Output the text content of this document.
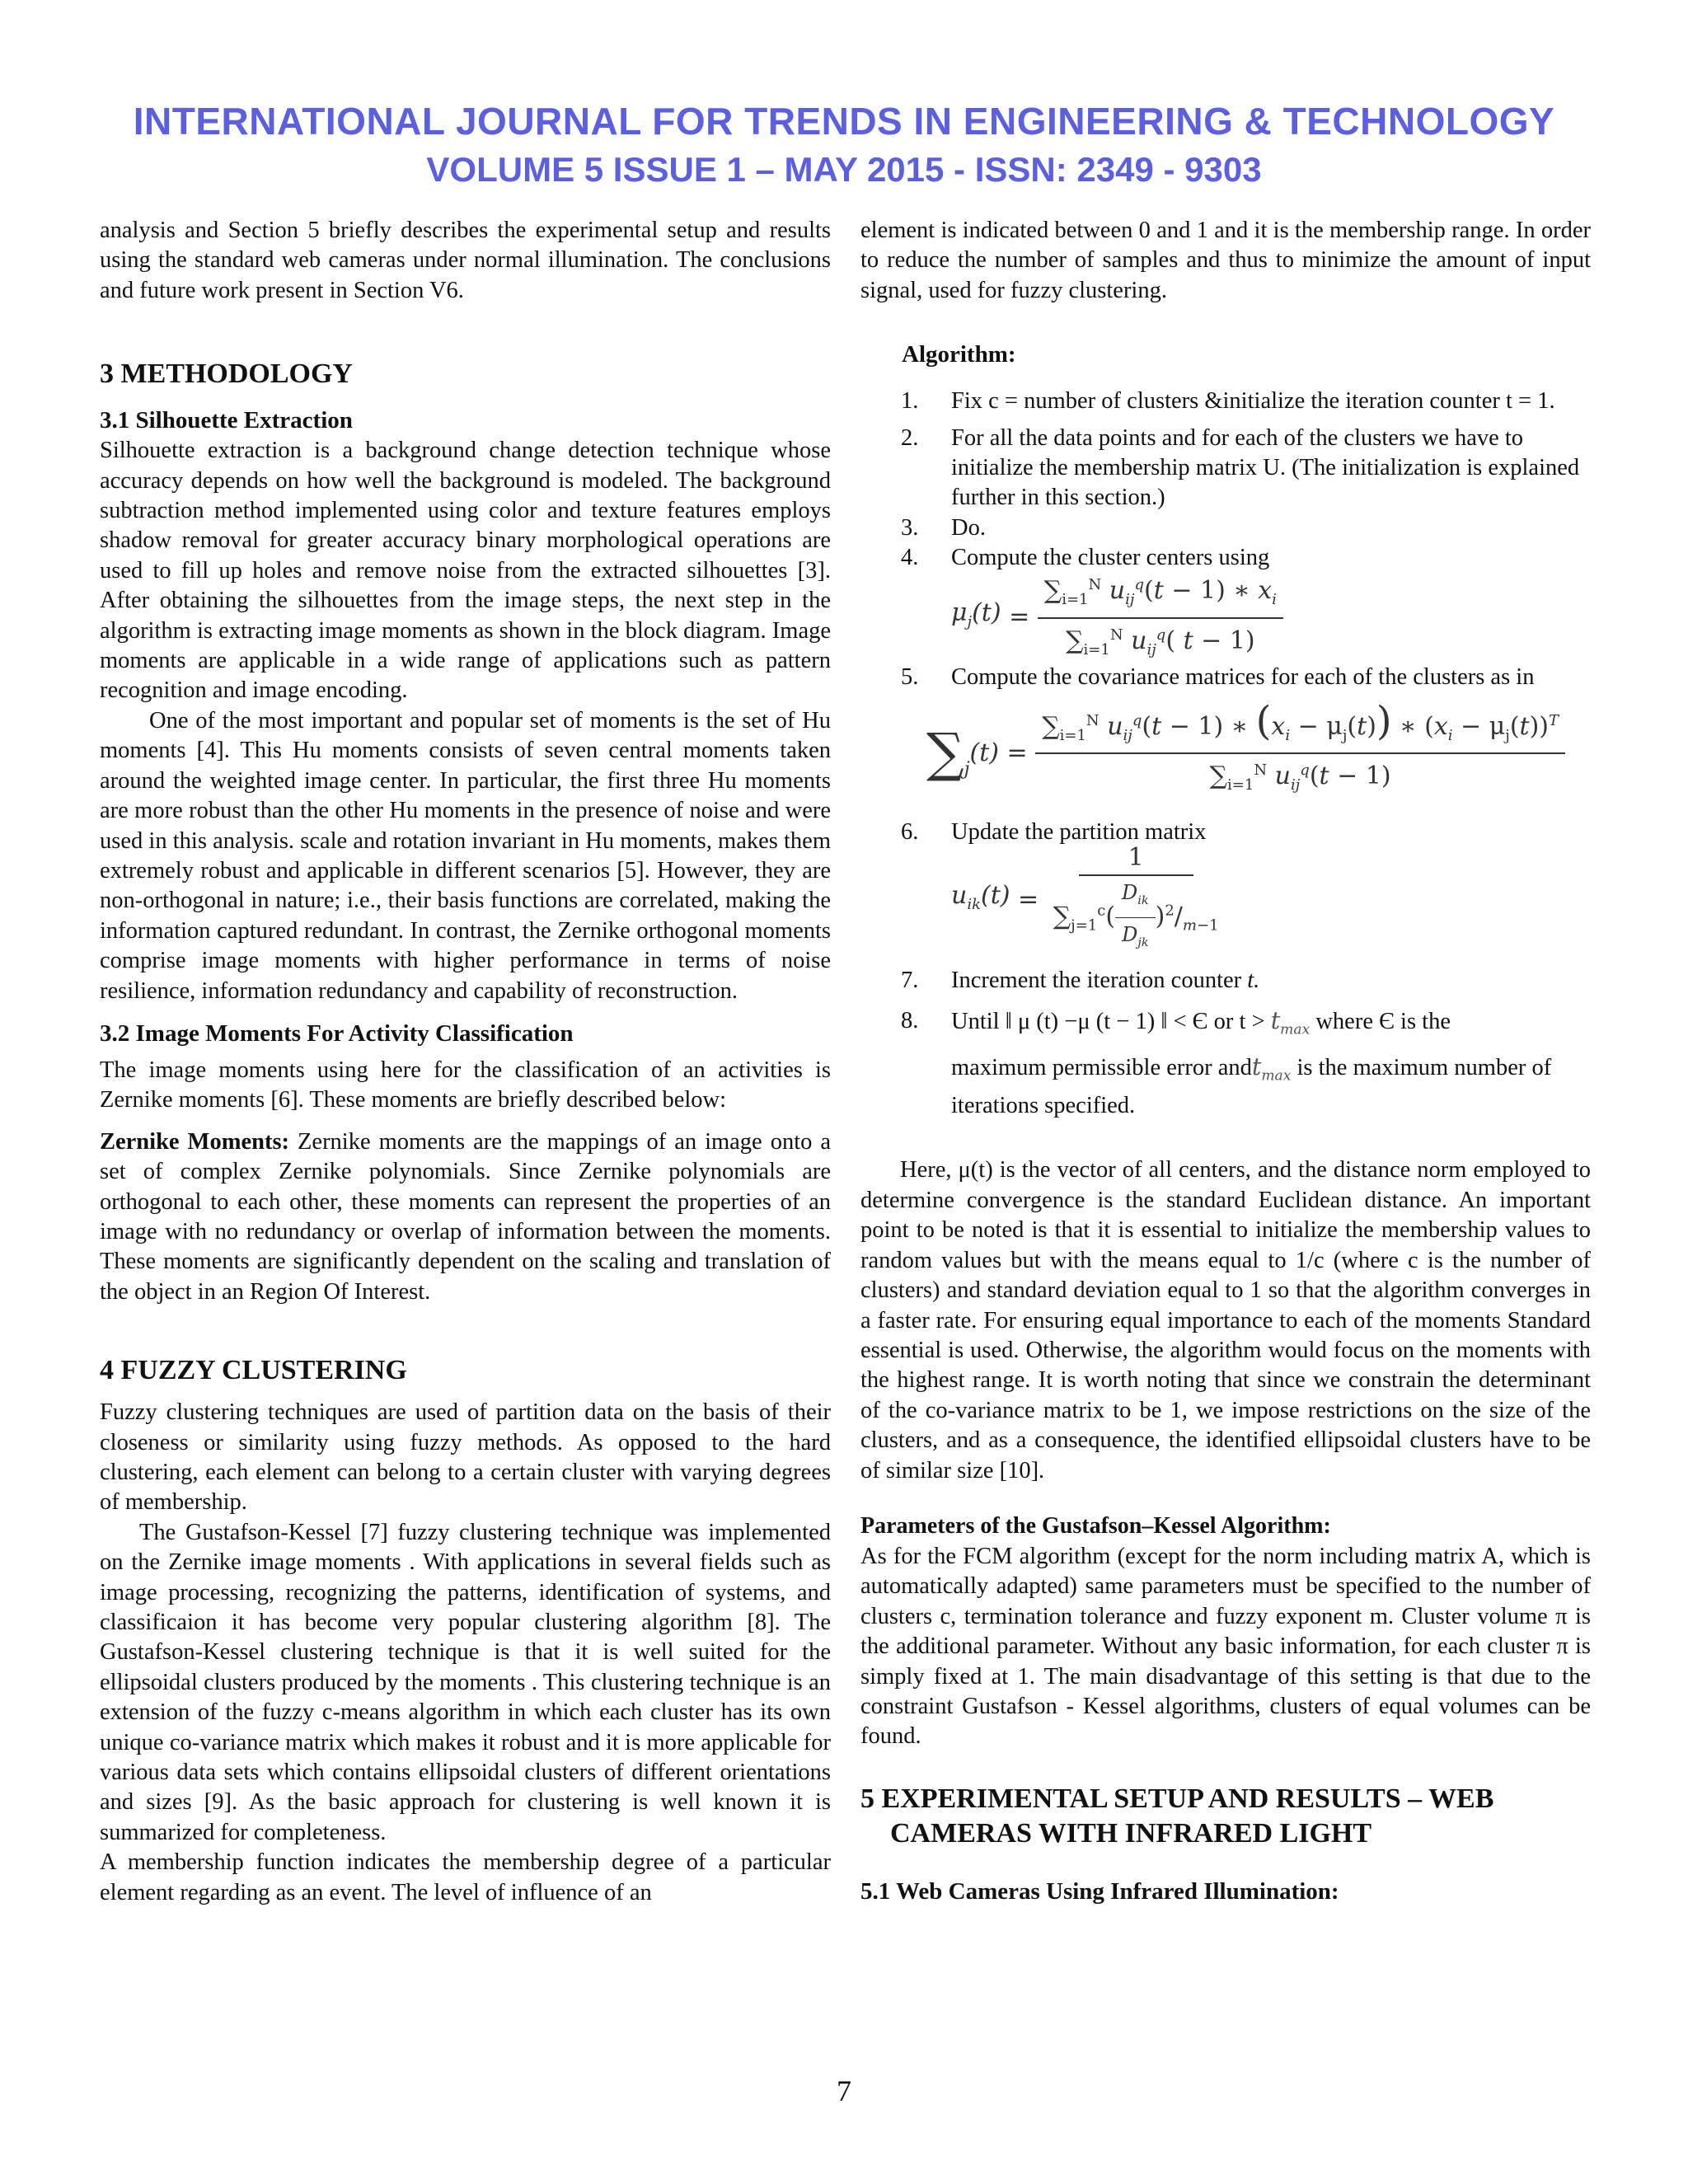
INTERNATIONAL JOURNAL FOR TRENDS IN ENGINEERING & TECHNOLOGY
VOLUME 5 ISSUE 1 – MAY 2015 - ISSN: 2349 - 9303

analysis and Section 5 briefly describes the experimental setup and results using the standard web cameras under normal illumination. The conclusions and future work present in Section V6.

3 METHODOLOGY
3.1 Silhouette Extraction

Silhouette extraction is a background change detection technique whose accuracy depends on how well the background is modeled. The background subtraction method implemented using color and texture features employs shadow removal for greater accuracy binary morphological operations are used to fill up holes and remove noise from the extracted silhouettes [3]. After obtaining the silhouettes from the image steps, the next step in the algorithm is extracting image moments as shown in the block diagram. Image moments are applicable in a wide range of applications such as pattern recognition and image encoding.

One of the most important and popular set of moments is the set of Hu moments [4]. This Hu moments consists of seven central moments taken around the weighted image center. In particular, the first three Hu moments are more robust than the other Hu moments in the presence of noise and were used in this analysis. scale and rotation invariant in Hu moments, makes them extremely robust and applicable in different scenarios [5]. However, they are non-orthogonal in nature; i.e., their basis functions are correlated, making the information captured redundant. In contrast, the Zernike orthogonal moments comprise image moments with higher performance in terms of noise resilience, information redundancy and capability of reconstruction.

3.2 Image Moments For Activity Classification

The image moments using here for the classification of an activities is Zernike moments [6]. These moments are briefly described below:

Zernike Moments: Zernike moments are the mappings of an image onto a set of complex Zernike polynomials. Since Zernike polynomials are orthogonal to each other, these moments can represent the properties of an image with no redundancy or overlap of information between the moments. These moments are significantly dependent on the scaling and translation of the object in an Region Of Interest.

4 FUZZY CLUSTERING

Fuzzy clustering techniques are used of partition data on the basis of their closeness or similarity using fuzzy methods. As opposed to the hard clustering, each element can belong to a certain cluster with varying degrees of membership.

The Gustafson-Kessel [7] fuzzy clustering technique was implemented on the Zernike image moments . With applications in several fields such as image processing, recognizing the patterns, identification of systems, and classificaion it has become very popular clustering algorithm [8]. The Gustafson-Kessel clustering technique is that it is well suited for the ellipsoidal clusters produced by the moments . This clustering technique is an extension of the fuzzy c-means algorithm in which each cluster has its own unique co-variance matrix which makes it robust and it is more applicable for various data sets which contains ellipsoidal clusters of different orientations and sizes [9]. As the basic approach for clustering is well known it is summarized for completeness.

A membership function indicates the membership degree of a particular element regarding as an event. The level of influence of an

element is indicated between 0 and 1 and it is the membership range. In order to reduce the number of samples and thus to minimize the amount of input signal, used for fuzzy clustering.

Algorithm:
1. Fix c = number of clusters &initialize the iteration counter t = 1.
2. For all the data points and for each of the clusters we have to initialize the membership matrix U. (The initialization is explained further in this section.)
3. Do.
4. Compute the cluster centers using
$\mu_j(t) = \frac{\sum_{i=1}^N u_{ij}^q(t - 1) ∗ x_i}{\sum_{i=1}^N u_{ij}^q( t - 1)}$
5. Compute the covariance matrices for each of the clusters as in
∑ $_j$
$(t) = \frac{\sum_{i=1}^N u_{ij}^q(t - 1) ∗ (x_i - \mu_j(t)) ∗ (x_i - \mu_j(t))^T}{\sum_{i=1}^N u_{ij}^q(t - 1)}$
6. Update the partition matrix
$u_{ik}(t) = \frac{1}{\sum_{j=1}^c( \frac{D_{ik}}{D_{jk}} )^2/_{m-1}}$
7. Increment the iteration counter t.
8. Until ‖ μ (t) −μ (t − 1) ‖ < Є or $t > t_{max}$ where Є is the
maximum permissible error andt$_{max}$ is the maximum number of iterations specified.

Here, μ(t) is the vector of all centers, and the distance norm employed to determine convergence is the standard Euclidean distance. An important point to be noted is that it is essential to initialize the membership values to random values but with the means equal to 1/c (where c is the number of clusters) and standard deviation equal to 1 so that the algorithm converges in a faster rate. For ensuring equal importance to each of the moments Standard essential is used. Otherwise, the algorithm would focus on the moments with the highest range. It is worth noting that since we constrain the determinant of the co-variance matrix to be 1, we impose restrictions on the size of the clusters, and as a consequence, the identified ellipsoidal clusters have to be of similar size [10].

Parameters of the Gustafson–Kessel Algorithm:

As for the FCM algorithm (except for the norm including matrix A, which is automatically adapted) same parameters must be specified to the number of clusters c, termination tolerance and fuzzy exponent m. Cluster volume π is the additional parameter. Without any basic information, for each cluster π is simply fixed at 1. The main disadvantage of this setting is that due to the constraint Gustafson - Kessel algorithms, clusters of equal volumes can be found.

5 EXPERIMENTAL SETUP AND RESULTS – WEB
CAMERAS WITH INFRARED LIGHT
5.1 Web Cameras Using Infrared Illumination:
7
